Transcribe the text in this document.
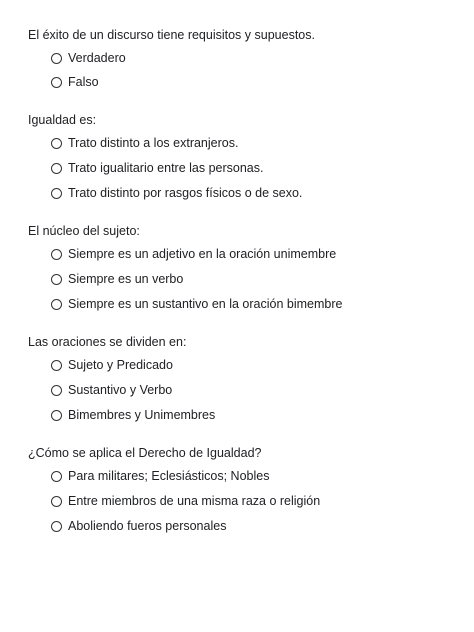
El éxito de un discurso tiene requisitos y supuestos.
Verdadero
Falso
Igualdad es:
Trato distinto a los extranjeros.
Trato igualitario entre las personas.
Trato distinto por rasgos físicos o de sexo.
El núcleo del sujeto:
Siempre es un adjetivo en la oración unimembre
Siempre es un verbo
Siempre es un sustantivo en la oración bimembre
Las oraciones se dividen en:
Sujeto y Predicado
Sustantivo y Verbo
Bimembres y Unimembres
¿Cómo se aplica el Derecho de Igualdad?
Para militares; Eclesiásticos; Nobles
Entre miembros de una misma raza o religión
Aboliendo fueros personales
